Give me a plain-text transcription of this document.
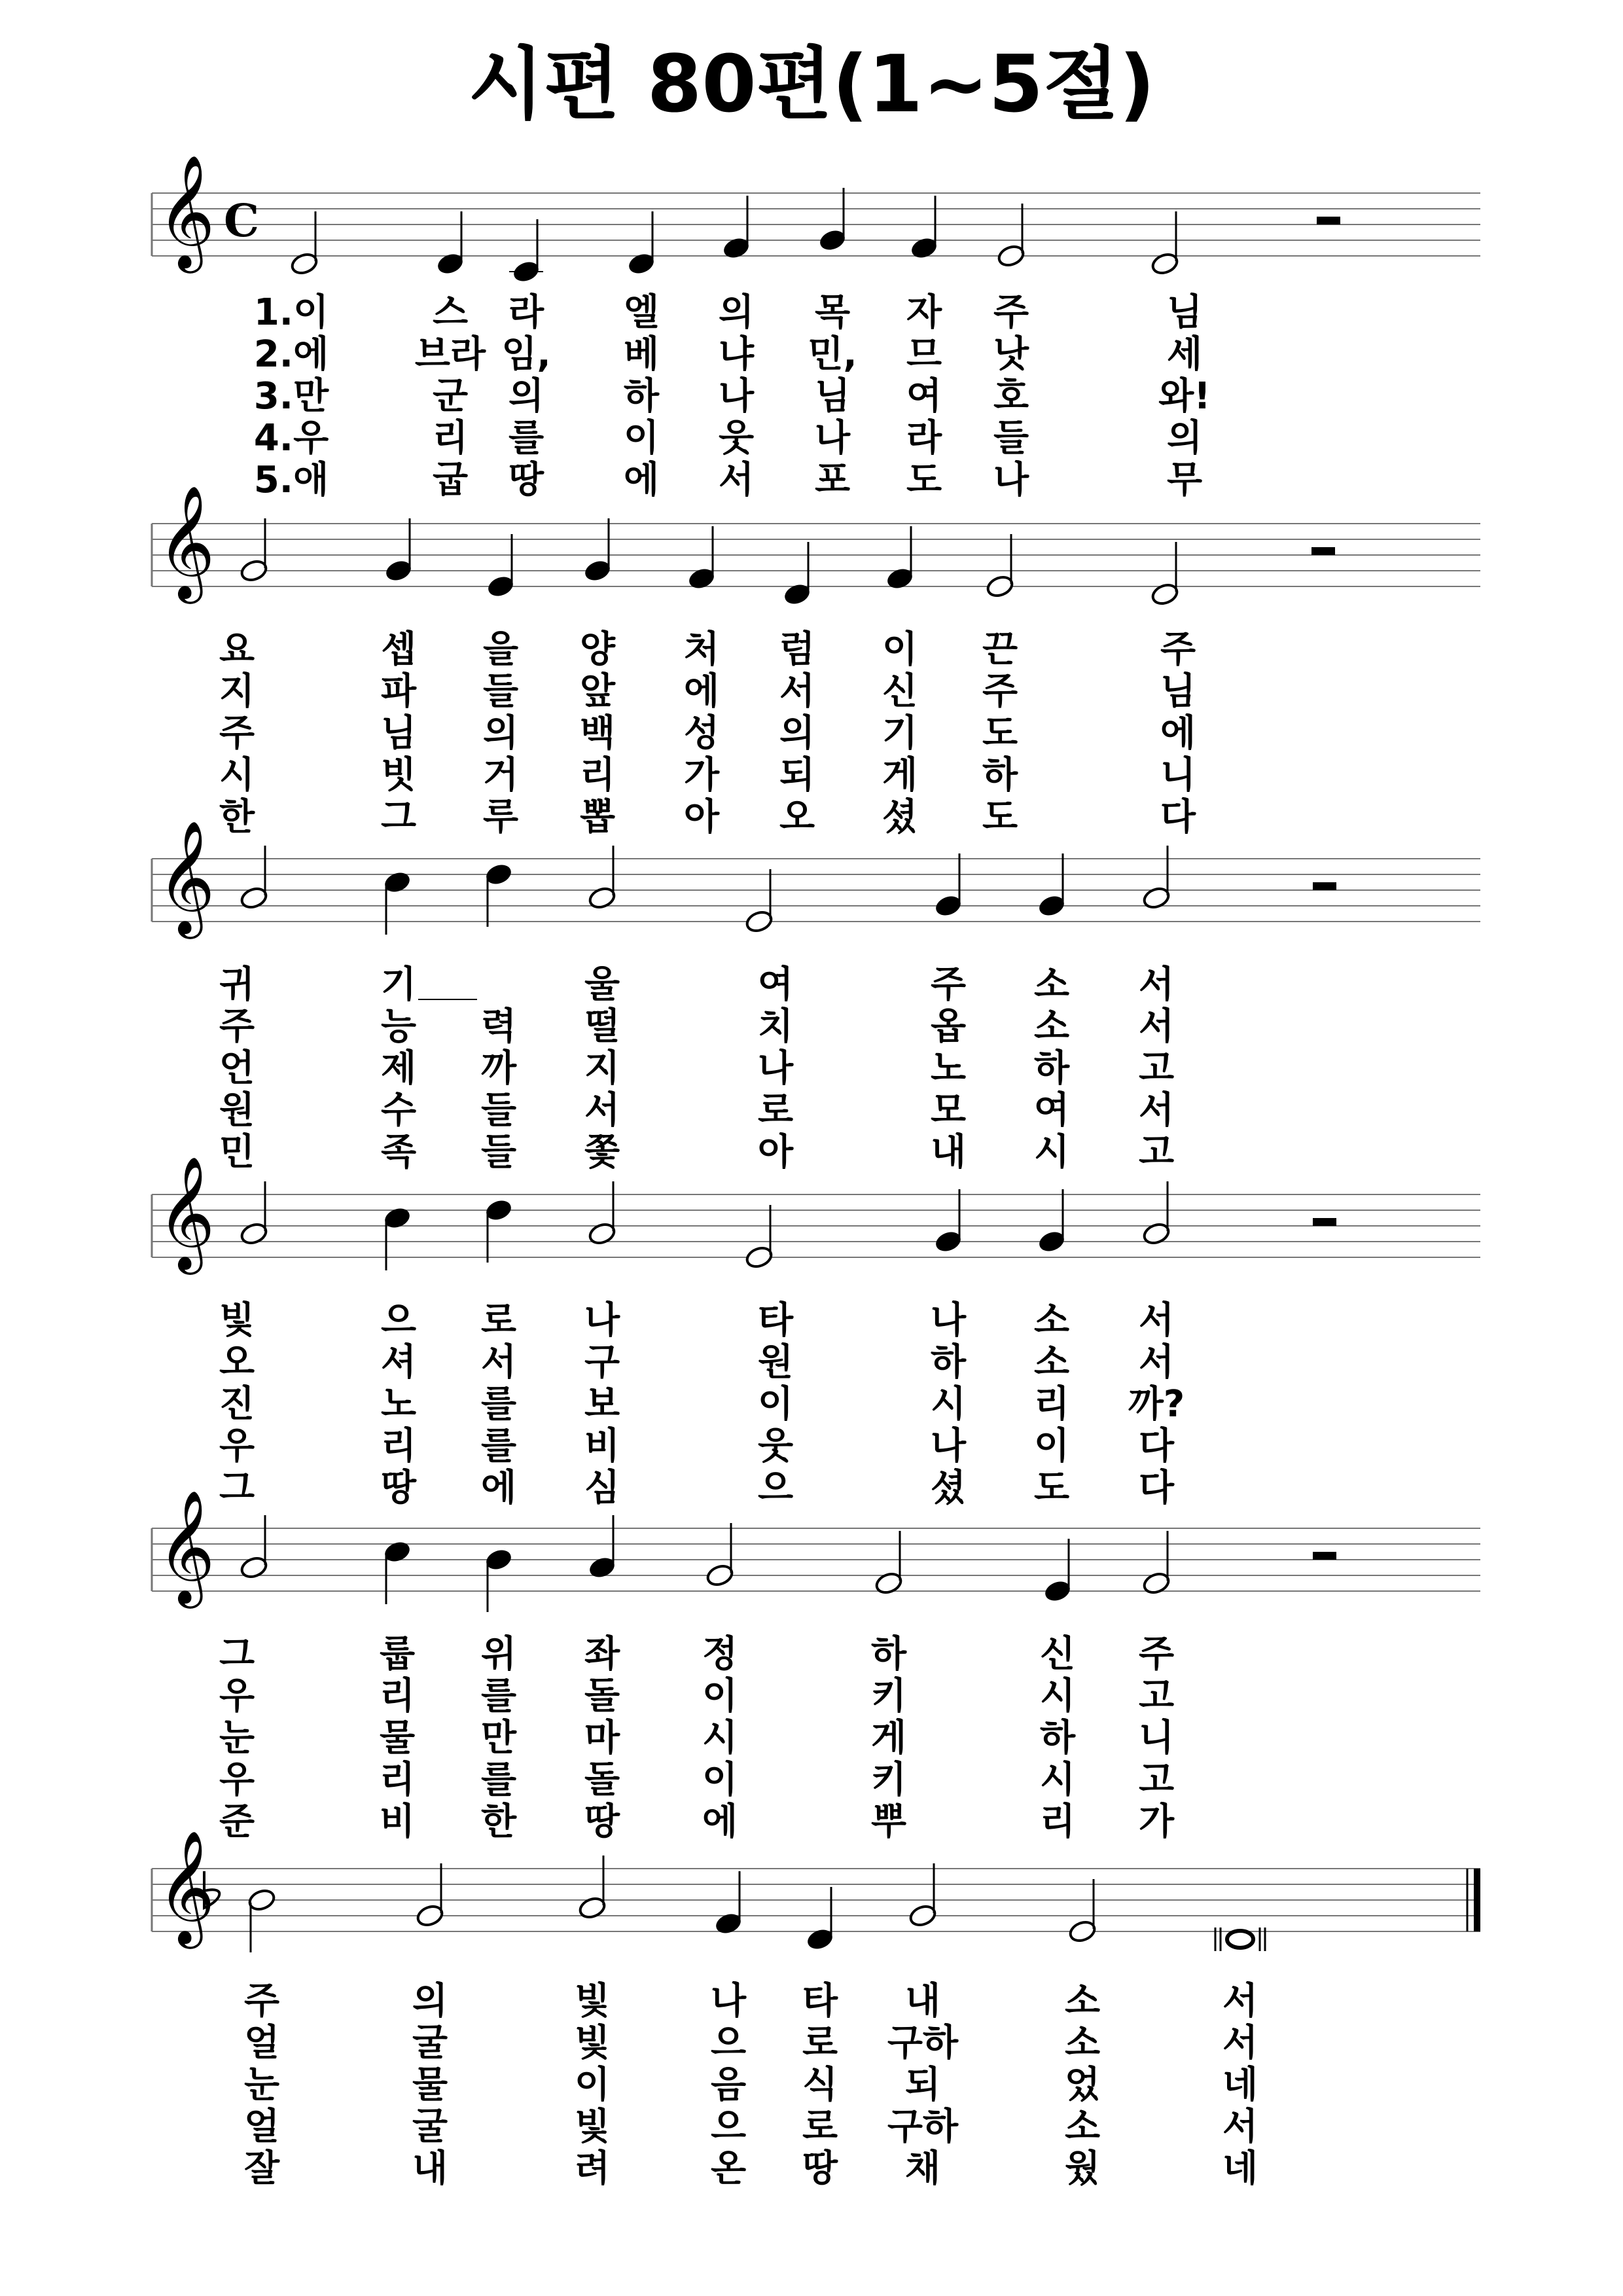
시편 80편(1~5절)
𝄞 C
1.이	스 라 엘 의 목 자 주	님
2.에 브라 임, 베 냐 민, 므 낫	세
3.만	군 의 하 나 님 여 호	와!
4.우	리 를 이 웃 나 라 들	의
5.애	굽 땅 에 서 포 도 나	무
𝄞
요	셉 을 양 처 럼 이 끈	주
지	파 들 앞 에 서 신 주	님
주	님 의 백 성 의 기 도	에
시	빗 거 리 가 되 게 하	니
한	그 루 뽑 아 오 셨 도	다
𝄞
귀	기	울	여	주 소 서
주	능 력 떨	치	옵 소 서
언	제 까 지	나	노 하 고
원	수 들 서	로	모 여 서
민	족 들 쫓	아	내 시 고
𝄞
빛	으 로 나	타	나 소 서
오	셔 서 구	원	하 소 서
진	노 를 보	이	시 리 까?
우	리 를 비	웃	나 이 다
그	땅 에 심	으	셨 도 다
𝄞
그	룹 위 좌 정	하	신 주
우	리 를 돌 이	키	시 고
눈	물 만 마 시	게	하 니
우	리 를 돌 이	키	시 고
준	비 한 땅 에	뿌	리 가
𝄞
주	의	빛	나 타 내	소	서
얼	굴	빛	으 로 구하	소	서
눈	물	이	음 식 되	었	네
얼	굴	빛	으 로 구하	소	서
잘	내	려	온 땅 채	웠	네
